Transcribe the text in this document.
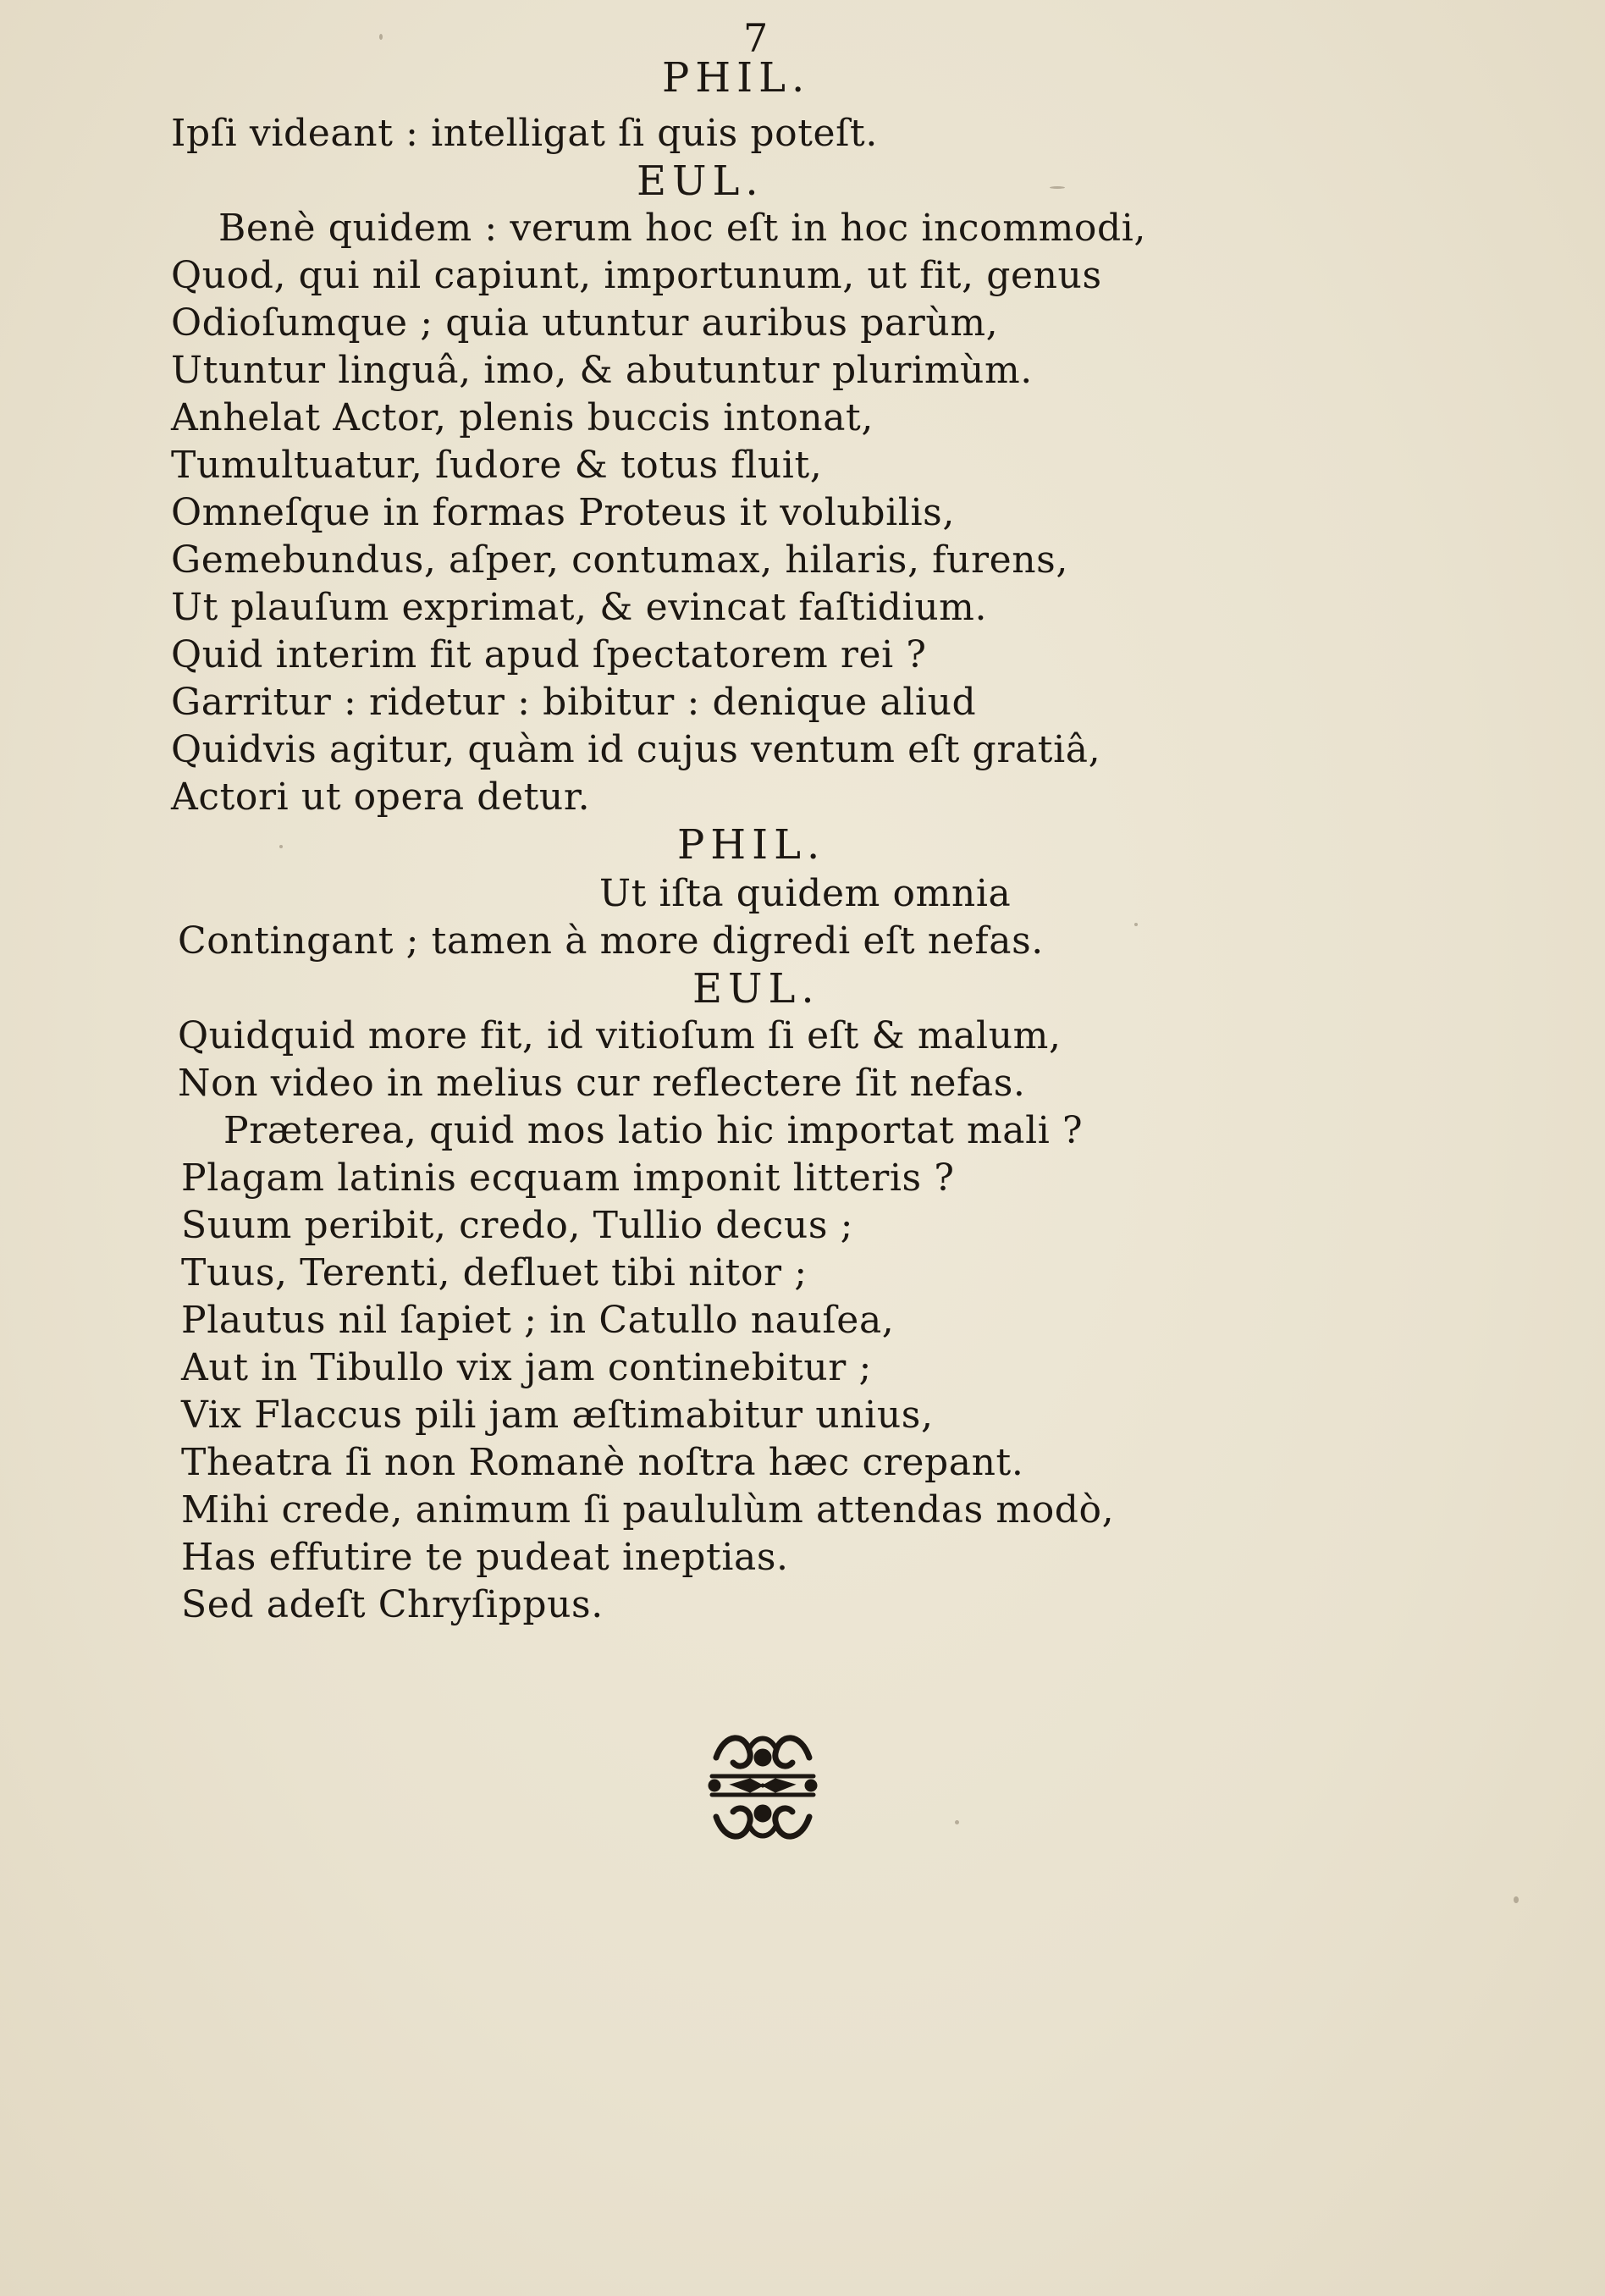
7
PHIL.
Ipſi videant : intelligat ſi quis poteſt.
EUL.
Benè quidem : verum hoc eſt in hoc incommodi,
Quod, qui nil capiunt, importunum, ut fit, genus
Odioſumque ; quia utuntur auribus parùm,
Utuntur linguâ, imo, & abutuntur plurimùm.
Anhelat Actor, plenis buccis intonat,
Tumultuatur, ſudore & totus fluit,
Omneſque in formas Proteus it volubilis,
Gemebundus, aſper, contumax, hilaris, furens,
Ut plauſum exprimat, & evincat faſtidium.
Quid interim fit apud ſpectatorem rei ?
Garritur : ridetur : bibitur : denique aliud
Quidvis agitur, quàm id cujus ventum eſt gratiâ,
Actori ut opera detur.
PHIL.
Ut iſta quidem omnia
Contingant ; tamen à more digredi eſt nefas.
EUL.
Quidquid more fit, id vitioſum ſi eſt & malum,
Non video in melius cur reflectere ſit nefas.
Prӕterea, quid mos latio hic importat mali ?
Plagam latinis ecquam imponit litteris ?
Suum peribit, credo, Tullio decus ;
Tuus, Terenti, defluet tibi nitor ;
Plautus nil ſapiet ; in Catullo nauſea,
Aut in Tibullo vix jam continebitur ;
Vix Flaccus pili jam æſtimabitur unius,
Theatra ſi non Romanè noſtra hæc crepant.
Mihi crede, animum ſi paululùm attendas modò,
Has effutire te pudeat ineptias.
Sed adeſt Chryſippus.
